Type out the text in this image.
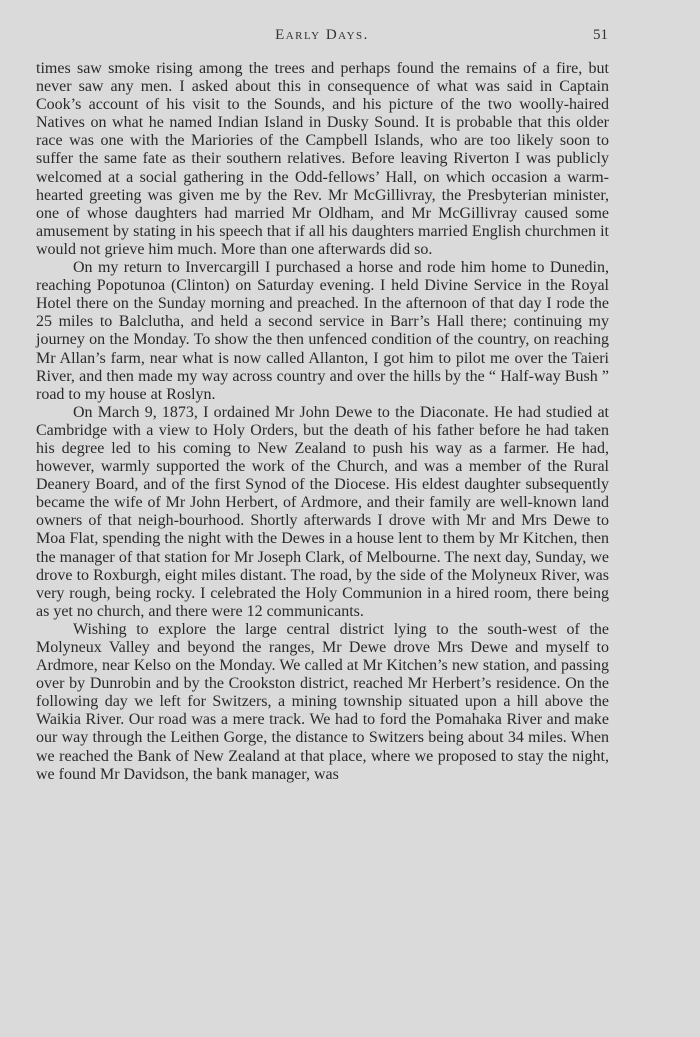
Early Days.	51

times saw smoke rising among the trees and perhaps found the remains of a fire, but never saw any men. I asked about this in consequence of what was said in Captain Cook’s account of his visit to the Sounds, and his picture of the two woolly-haired Natives on what he named Indian Island in Dusky Sound. It is probable that this older race was one with the Mariories of the Campbell Islands, who are too likely soon to suffer the same fate as their southern relatives. Before leaving Riverton I was publicly welcomed at a social gathering in the Odd-fellows’ Hall, on which occasion a warm-hearted greeting was given me by the Rev. Mr McGillivray, the Presbyterian minister, one of whose daughters had married Mr Oldham, and Mr McGillivray caused some amusement by stating in his speech that if all his daughters married English churchmen it would not grieve him much. More than one afterwards did so.

On my return to Invercargill I purchased a horse and rode him home to Dunedin, reaching Popotunoa (Clinton) on Saturday evening. I held Divine Service in the Royal Hotel there on the Sunday morning and preached. In the afternoon of that day I rode the 25 miles to Balclutha, and held a second service in Barr’s Hall there; continuing my journey on the Monday. To show the then unfenced condition of the country, on reaching Mr Allan’s farm, near what is now called Allanton, I got him to pilot me over the Taieri River, and then made my way across country and over the hills by the “ Half-way Bush ” road to my house at Roslyn.

On March 9, 1873, I ordained Mr John Dewe to the Diaconate. He had studied at Cambridge with a view to Holy Orders, but the death of his father before he had taken his degree led to his coming to New Zealand to push his way as a farmer. He had, however, warmly supported the work of the Church, and was a member of the Rural Deanery Board, and of the first Synod of the Diocese. His eldest daughter subsequently became the wife of Mr John Herbert, of Ardmore, and their family are well-known land owners of that neigh-bourhood. Shortly afterwards I drove with Mr and Mrs Dewe to Moa Flat, spending the night with the Dewes in a house lent to them by Mr Kitchen, then the manager of that station for Mr Joseph Clark, of Melbourne. The next day, Sunday, we drove to Roxburgh, eight miles distant. The road, by the side of the Molyneux River, was very rough, being rocky. I celebrated the Holy Communion in a hired room, there being as yet no church, and there were 12 communicants.

Wishing to explore the large central district lying to the south-west of the Molyneux Valley and beyond the ranges, Mr Dewe drove Mrs Dewe and myself to Ardmore, near Kelso on the Monday. We called at Mr Kitchen’s new station, and passing over by Dunrobin and by the Crookston district, reached Mr Herbert’s residence. On the following day we left for Switzers, a mining township situated upon a hill above the Waikia River. Our road was a mere track. We had to ford the Pomahaka River and make our way through the Leithen Gorge, the distance to Switzers being about 34 miles. When we reached the Bank of New Zealand at that place, where we proposed to stay the night, we found Mr Davidson, the bank manager, was
